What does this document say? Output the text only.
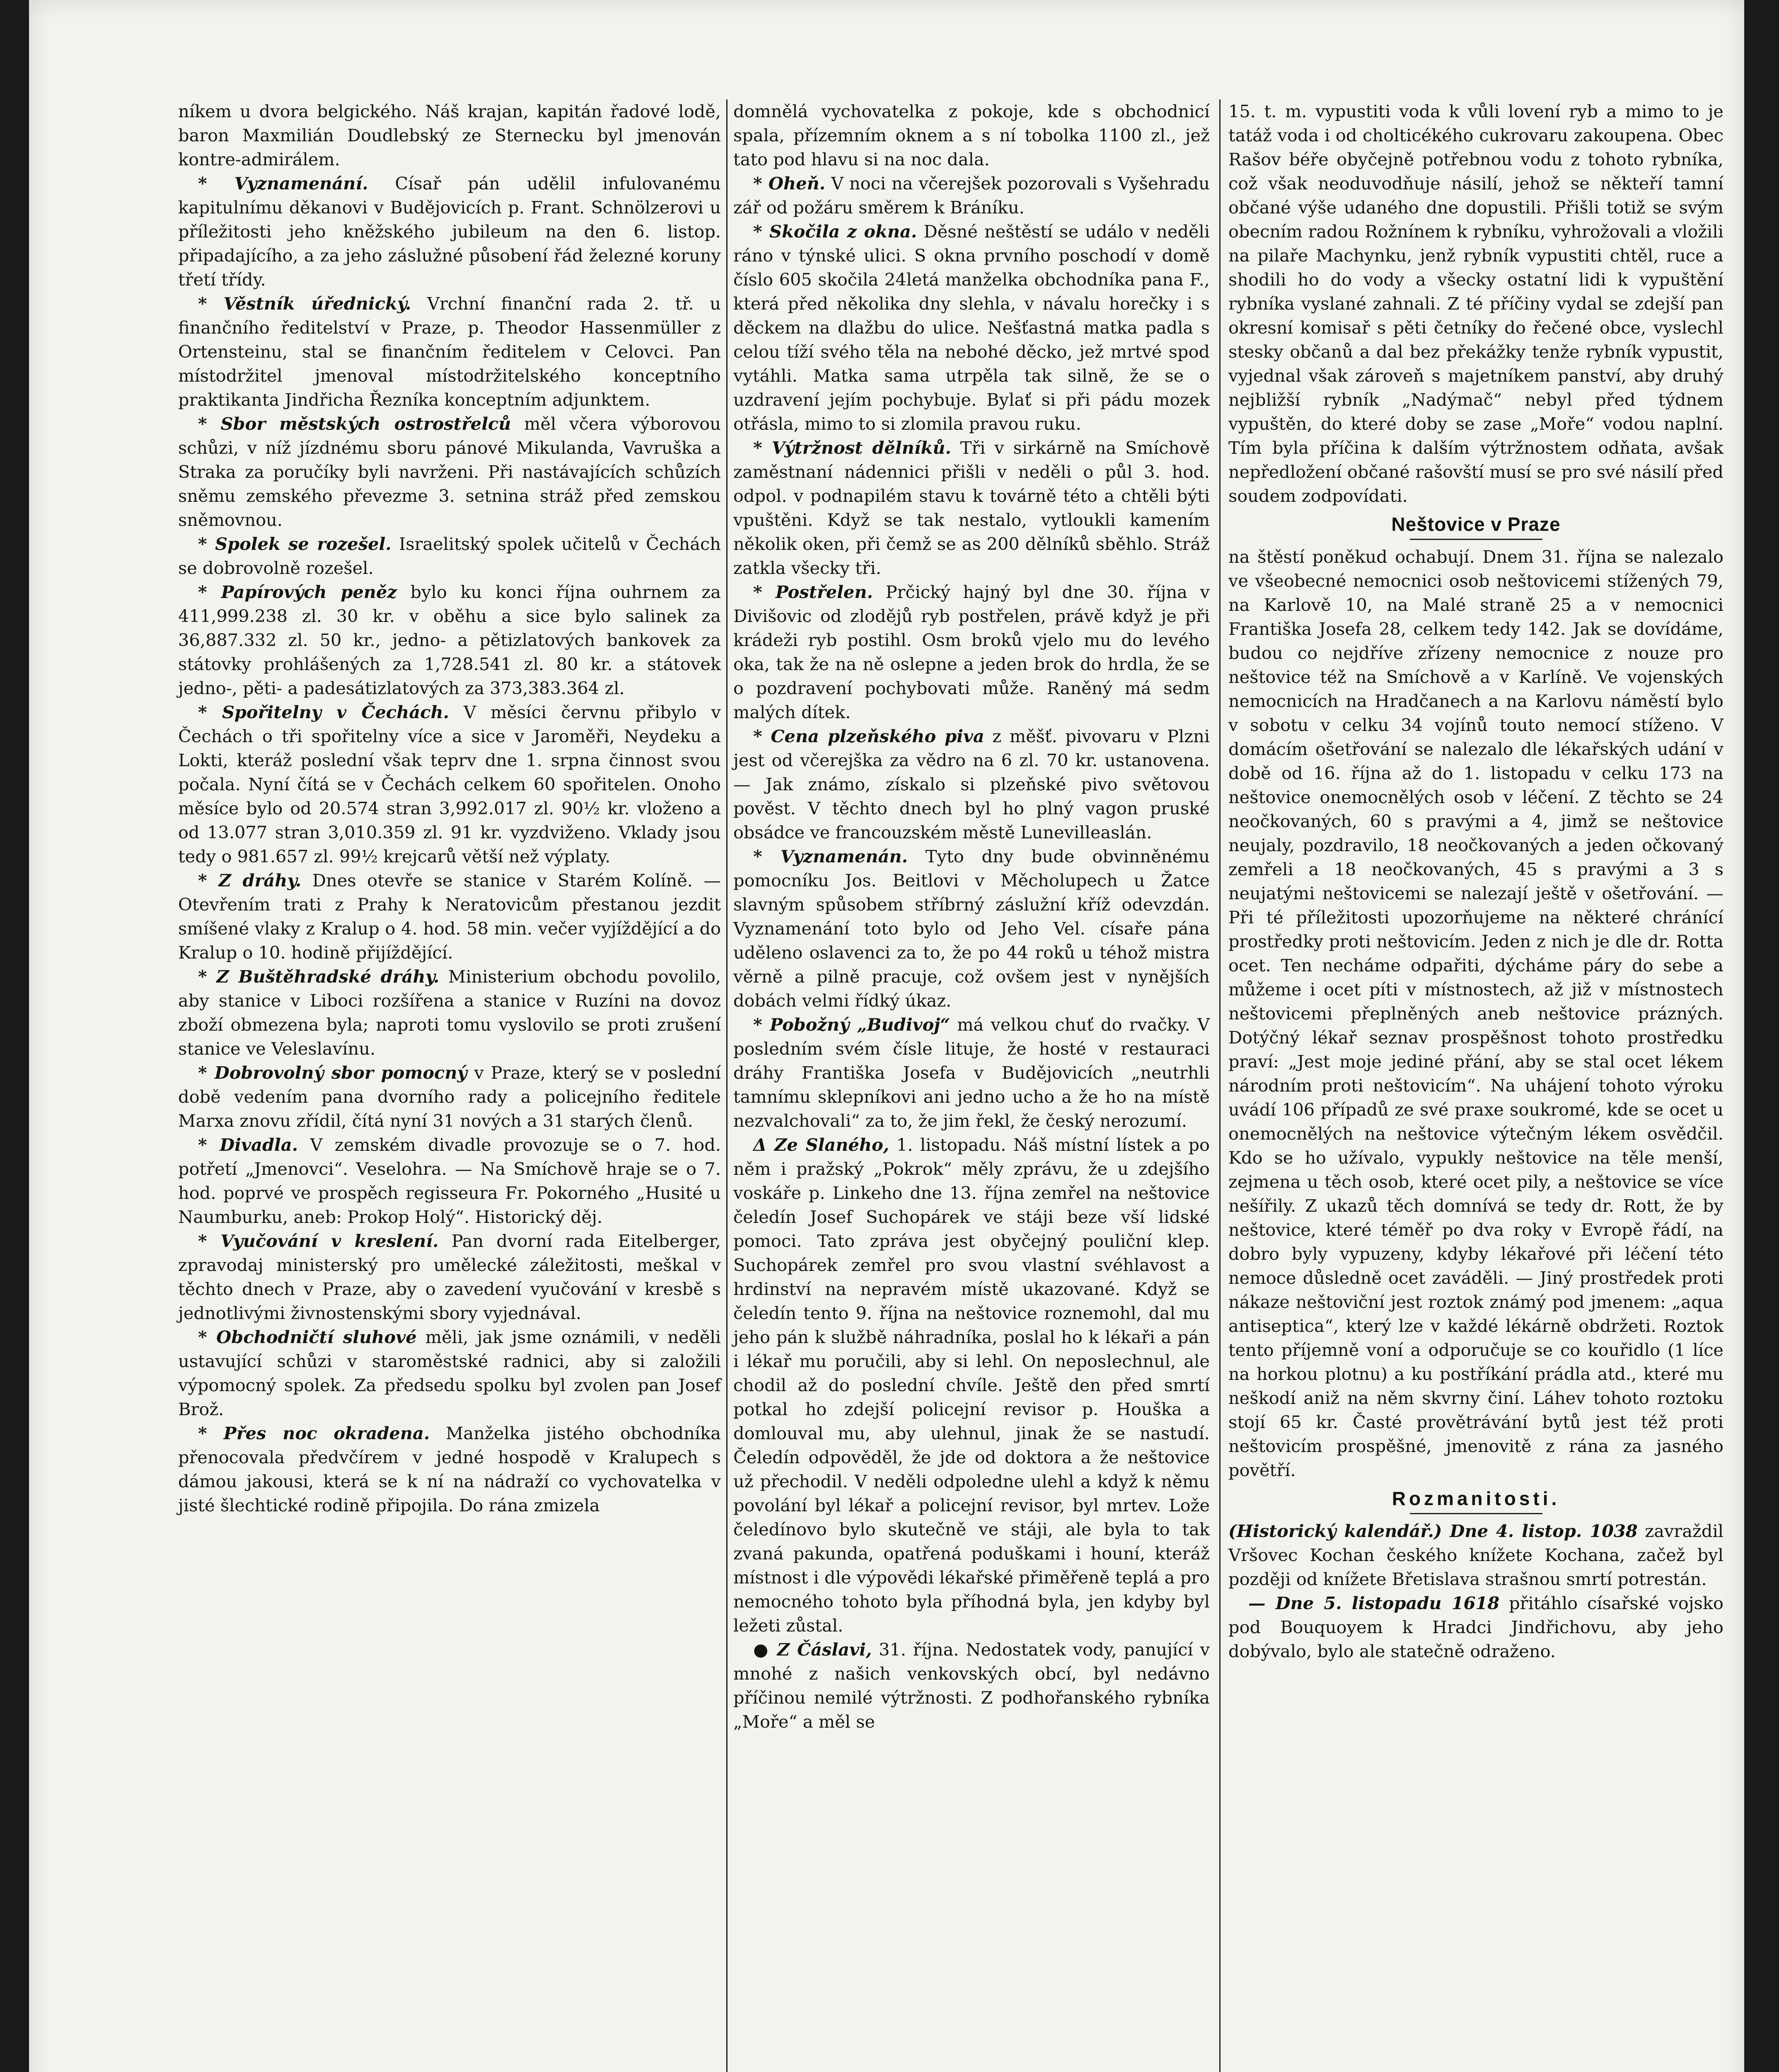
níkem u dvora belgického. Náš krajan, kapitán řadové lodě, baron Maxmilián Doudlebský ze Sternecku byl jmenován kontre-admirálem.

* Vyznamenání. Císař pán udělil infulovanému kapitulnímu děkanovi v Budějovicích p. Frant. Schnölzerovi u příležitosti jeho kněžského jubileum na den 6. listop. připadajícího, a za jeho záslužné působení řád železné koruny třetí třídy.

* Věstník úřednický. Vrchní finanční rada 2. tř. u finančního ředitelství v Praze, p. Theodor Hassenmüller z Ortensteinu, stal se finančním ředitelem v Celovci. Pan místodržitel jmenoval místodržitelského konceptního praktikanta Jindřicha Řezníka konceptním adjunktem.

* Sbor městských ostrostřelců měl včera výborovou schůzi, v níž jízdnému sboru pánové Mikulanda, Vavruška a Straka za poručíky byli navrženi. Při nastávajících schůzích sněmu zemského převezme 3. setnina stráž před zemskou sněmovnou.

* Spolek se rozešel. Israelitský spolek učitelů v Čechách se dobrovolně rozešel.

* Papírových peněz bylo ku konci října ouhrnem za 411,999.238 zl. 30 kr. v oběhu a sice bylo salinek za 36,887.332 zl. 50 kr., jedno- a pětizlatových bankovek za státovky prohlášených za 1,728.541 zl. 80 kr. a státovek jedno-, pěti- a padesátizlatových za 373,383.364 zl.

* Spořitelny v Čechách. V měsíci červnu přibylo v Čechách o tři spořitelny více a sice v Jaroměři, Neydeku a Lokti, kteráž poslední však teprv dne 1. srpna činnost svou počala. Nyní čítá se v Čechách celkem 60 spořitelen. Onoho měsíce bylo od 20.574 stran 3,992.017 zl. 90½ kr. vloženo a od 13.077 stran 3,010.359 zl. 91 kr. vyzdviženo. Vklady jsou tedy o 981.657 zl. 99½ krejcarů větší než výplaty.

* Z dráhy. Dnes otevře se stanice v Starém Kolíně. — Otevřením trati z Prahy k Neratovicům přestanou jezdit smíšené vlaky z Kralup o 4. hod. 58 min. večer vyjíždějící a do Kralup o 10. hodině přijíždějící.

* Z Buštěhradské dráhy. Ministerium obchodu povolilo, aby stanice v Liboci rozšířena a stanice v Ruzíni na dovoz zboží obmezena byla; naproti tomu vyslovilo se proti zrušení stanice ve Veleslavínu.

* Dobrovolný sbor pomocný v Praze, který se v poslední době vedením pana dvorního rady a policejního ředitele Marxa znovu zřídil, čítá nyní 31 nových a 31 starých členů.

* Divadla. V zemském divadle provozuje se o 7. hod. potřetí „Jmenovci“. Veselohra. — Na Smíchově hraje se o 7. hod. poprvé ve prospěch regisseura Fr. Pokorného „Husité u Naumburku, aneb: Prokop Holý“. Historický děj.

* Vyučování v kreslení. Pan dvorní rada Eitelberger, zpravodaj ministerský pro umělecké záležitosti, meškal v těchto dnech v Praze, aby o zavedení vyučování v kresbě s jednotlivými živnostenskými sbory vyjednával.

* Obchodničtí sluhové měli, jak jsme oznámili, v neděli ustavující schůzi v staroměstské radnici, aby si založili výpomocný spolek. Za předsedu spolku byl zvolen pan Josef Brož.

* Přes noc okradena. Manželka jistého obchodníka přenocovala předvčírem v jedné hospodě v Kralupech s dámou jakousi, která se k ní na nádraží co vychovatelka v jisté šlechtické rodině připojila. Do rána zmizela

domnělá vychovatelka z pokoje, kde s obchodnicí spala, přízemním oknem a s ní tobolka 1100 zl., jež tato pod hlavu si na noc dala.

* Oheň. V noci na včerejšek pozorovali s Vyšehradu zář od požáru směrem k Bráníku.

* Skočila z okna. Děsné neštěstí se událo v neděli ráno v týnské ulici. S okna prvního poschodí v domě číslo 605 skočila 24letá manželka obchodníka pana F., která před několika dny slehla, v návalu horečky i s děckem na dlažbu do ulice. Nešťastná matka padla s celou tíží svého těla na nebohé děcko, jež mrtvé spod vytáhli. Matka sama utrpěla tak silně, že se o uzdravení jejím pochybuje. Bylať si při pádu mozek otřásla, mimo to si zlomila pravou ruku.

* Výtržnost dělníků. Tři v sirkárně na Smíchově zaměstnaní nádennici přišli v neděli o půl 3. hod. odpol. v podnapilém stavu k továrně této a chtěli býti vpuštěni. Když se tak nestalo, vytloukli kamením několik oken, při čemž se as 200 dělníků sběhlo. Stráž zatkla všecky tři.

* Postřelen. Prčický hajný byl dne 30. října v Divišovic od zlodějů ryb postřelen, právě když je při krádeži ryb postihl. Osm broků vjelo mu do levého oka, tak že na ně oslepne a jeden brok do hrdla, že se o pozdravení pochybovati může. Raněný má sedm malých dítek.

* Cena plzeňského piva z měšť. pivovaru v Plzni jest od včerejška za vědro na 6 zl. 70 kr. ustanovena. — Jak známo, získalo si plzeňské pivo světovou pověst. V těchto dnech byl ho plný vagon pruské obsádce ve francouzském městě Lunevilleaslán.

* Vyznamenán. Tyto dny bude obvinněnému pomocníku Jos. Beitlovi v Měcholupech u Žatce slavným spůsobem stříbrný záslužní kříž odevzdán. Vyznamenání toto bylo od Jeho Vel. císaře pána uděleno oslavenci za to, že po 44 roků u téhož mistra věrně a pilně pracuje, což ovšem jest v nynějších dobách velmi řídký úkaz.

* Pobožný „Budivoj“ má velkou chuť do rvačky. V posledním svém čísle lituje, že hosté v restauraci dráhy Františka Josefa v Budějovicích „neutrhli tamnímu sklepníkovi ani jedno ucho a že ho na místě nezvalchovali“ za to, že jim řekl, že český nerozumí.

Δ Ze Slaného, 1. listopadu. Náš místní lístek a po něm i pražský „Pokrok“ měly zprávu, že u zdejšího voskáře p. Linkeho dne 13. října zemřel na neštovice čeledín Josef Suchopárek ve stáji beze vší lidské pomoci. Tato zpráva jest obyčejný pouliční klep. Suchopárek zemřel pro svou vlastní svéhlavost a hrdinství na nepravém místě ukazované. Když se čeledín tento 9. října na neštovice roznemohl, dal mu jeho pán k službě náhradníka, poslal ho k lékaři a pán i lékař mu poručili, aby si lehl. On neposlechnul, ale chodil až do poslední chvíle. Ještě den před smrtí potkal ho zdejší policejní revisor p. Houška a domlouval mu, aby ulehnul, jinak že se nastudí. Čeledín odpověděl, že jde od doktora a že neštovice už přechodil. V neděli odpoledne ulehl a když k němu povolání byl lékař a policejní revisor, byl mrtev. Lože čeledínovo bylo skutečně ve stáji, ale byla to tak zvaná pakunda, opatřená poduškami i houní, kteráž místnost i dle výpovědi lékařské přiměřeně teplá a pro nemocného tohoto byla příhodná byla, jen kdyby byl ležeti zůstal.

● Z Čáslavi, 31. října. Nedostatek vody, panující v mnohé z našich venkovských obcí, byl nedávno příčinou nemilé výtržnosti. Z podhořanského rybníka „Moře“ a měl se

15. t. m. vypustiti voda k vůli lovení ryb a mimo to je tatáž voda i od cholticékého cukrovaru zakoupena. Obec Rašov béře obyčejně potřebnou vodu z tohoto rybníka, což však neoduvodňuje násilí, jehož se někteří tamní občané výše udaného dne dopustili. Přišli totiž se svým obecním radou Rožnínem k rybníku, vyhrožovali a vložili na pilaře Machynku, jenž rybník vypustiti chtěl, ruce a shodili ho do vody a všecky ostatní lidi k vypuštění rybníka vyslané zahnali. Z té příčiny vydal se zdejší pan okresní komisař s pěti četníky do řečené obce, vyslechl stesky občanů a dal bez překážky tenže rybník vypustit, vyjednal však zároveň s majetníkem panství, aby druhý nejbližší rybník „Nadýmač“ nebyl před týdnem vypuštěn, do které doby se zase „Moře“ vodou naplní. Tím byla příčina k dalším výtržnostem odňata, avšak nepředložení občané rašovští musí se pro své násilí před soudem zodpovídati.

Neštovice v Praze

na štěstí poněkud ochabují. Dnem 31. října se nalezalo ve všeobecné nemocnici osob neštovicemi stížených 79, na Karlově 10, na Malé straně 25 a v nemocnici Františka Josefa 28, celkem tedy 142. Jak se dovídáme, budou co nejdříve zřízeny nemocnice z nouze pro neštovice též na Smíchově a v Karlíně. Ve vojenských nemocnicích na Hradčanech a na Karlovu náměstí bylo v sobotu v celku 34 vojínů touto nemocí stíženo. V domácím ošetřování se nalezalo dle lékařských udání v době od 16. října až do 1. listopadu v celku 173 na neštovice onemocnělých osob v léčení. Z těchto se 24 neočkovaných, 60 s pravými a 4, jimž se neštovice neujaly, pozdravilo, 18 neočkovaných a jeden očkovaný zemřeli a 18 neočkovaných, 45 s pravými a 3 s neujatými neštovicemi se nalezají ještě v ošetřování. — Při té příležitosti upozorňujeme na některé chránící prostředky proti neštovicím. Jeden z nich je dle dr. Rotta ocet. Ten necháme odpařiti, dýcháme páry do sebe a můžeme i ocet píti v místnostech, až již v místnostech neštovicemi přeplněných aneb neštovice prázných. Dotýčný lékař seznav prospěšnost tohoto prostředku praví: „Jest moje jediné přání, aby se stal ocet lékem národním proti neštovicím“. Na uhájení tohoto výroku uvádí 106 případů ze své praxe soukromé, kde se ocet u onemocnělých na neštovice výtečným lékem osvědčil. Kdo se ho užívalo, vypukly neštovice na těle menší, zejmena u těch osob, které ocet pily, a neštovice se více nešířily. Z ukazů těch domnívá se tedy dr. Rott, že by neštovice, které téměř po dva roky v Evropě řádí, na dobro byly vypuzeny, kdyby lékařové při léčení této nemoce důsledně ocet zaváděli. — Jiný prostředek proti nákaze neštoviční jest roztok známý pod jmenem: „aqua antiseptica“, který lze v každé lékárně obdržeti. Roztok tento příjemně voní a odporučuje se co kouřidlo (1 líce na horkou plotnu) a ku postříkání prádla atd., které mu neškodí aniž na něm skvrny činí. Láhev tohoto roztoku stojí 65 kr. Časté provětrávání bytů jest též proti neštovicím prospěšné, jmenovitě z rána za jasného povětří.

Rozmanitosti.

(Historický kalendář.) Dne 4. listop. 1038 zavraždil Vršovec Kochan českého knížete Kochana, začež byl později od knížete Břetislava strašnou smrtí potrestán.

— Dne 5. listopadu 1618 přitáhlo císařské vojsko pod Bouquoyem k Hradci Jindřichovu, aby jeho dobývalo, bylo ale statečně odraženo.
